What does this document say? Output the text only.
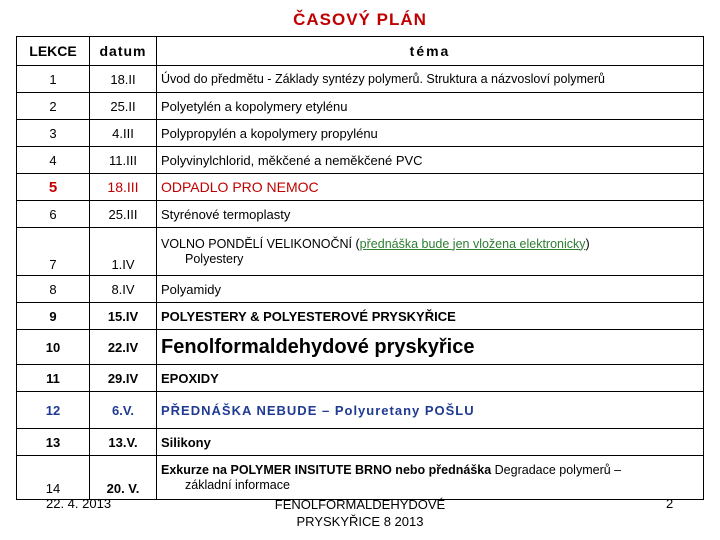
ČASOVÝ PLÁN
LEKCE	datum	téma
1	18.II	Úvod do předmětu - Základy syntézy polymerů. Struktura a názvosloví polymerů
2	25.II	Polyetylén a kopolymery etylénu
3	4.III	Polypropylén a kopolymery propylénu
4	11.III	Polyvinylchlorid, měkčené a neměkčené PVC
5	18.III	ODPADLO PRO NEMOC
6	25.III	Styrénové termoplasty
7	1.IV	VOLNO PONDĚLÍ VELIKONOČNÍ (přednáška bude jen vložena elektronicky)
Polyestery

8	8.IV	Polyamidy
9	15.IV	POLYESTERY & POLYESTEROVÉ PRYSKYŘICE
10	22.IV	Fenolformaldehydové pryskyřice
11	29.IV	EPOXIDY
12	6.V.	PŘEDNÁŠKA NEBUDE – Polyuretany POŠLU
13	13.V.	Silikony
14	20. V.	Exkurze na POLYMER INSITUTE BRNO nebo přednáška Degradace polymerů –
základní informace
22. 4. 2013	FENOLFORMALDEHYDOVÉ
PRYSKYŘICE 8 2013
2
